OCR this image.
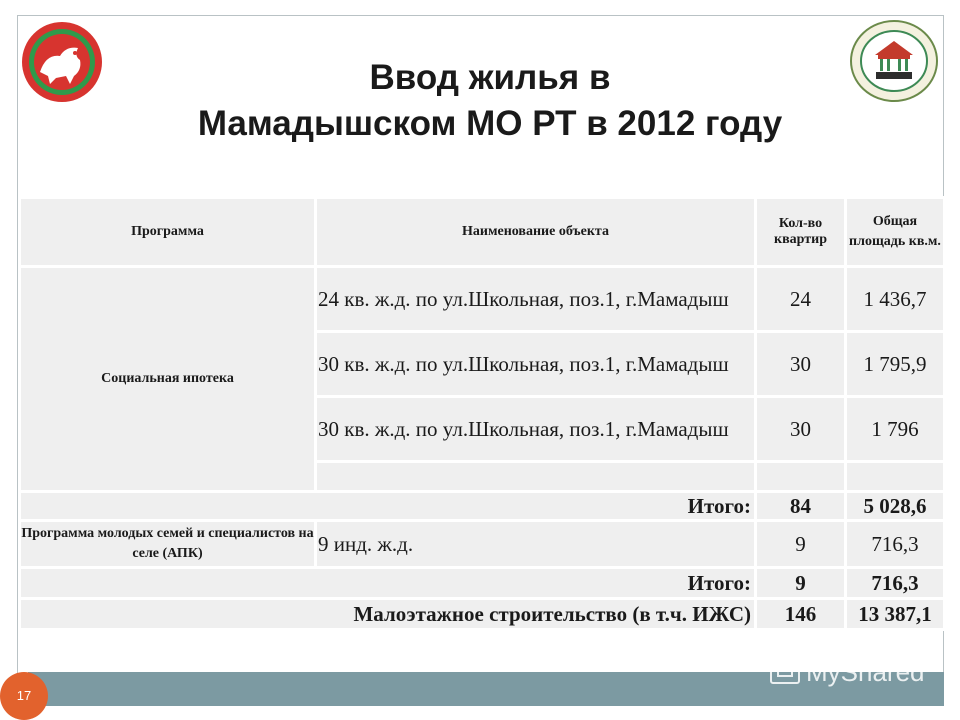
Ввод жилья в
Мамадышском МО РТ в 2012 году
Программа	Наименование объекта	Кол-во квартир	Общая площадь кв.м.
Социальная ипотека	24 кв. ж.д. по ул.Школьная, поз.1, г.Мамадыш	24	1 436,7
	30 кв. ж.д. по ул.Школьная, поз.1, г.Мамадыш	30	1 795,9
	30 кв. ж.д. по ул.Школьная, поз.1, г.Мамадыш	30	1 796

Итого:		84	5 028,6
Программа молодых семей и специалистов на селе (АПК)	9 инд. ж.д.	9	716,3
Итого:		9	716,3
Малоэтажное строительство (в т.ч. ИЖС)		146	13 387,1
MyShared
17
